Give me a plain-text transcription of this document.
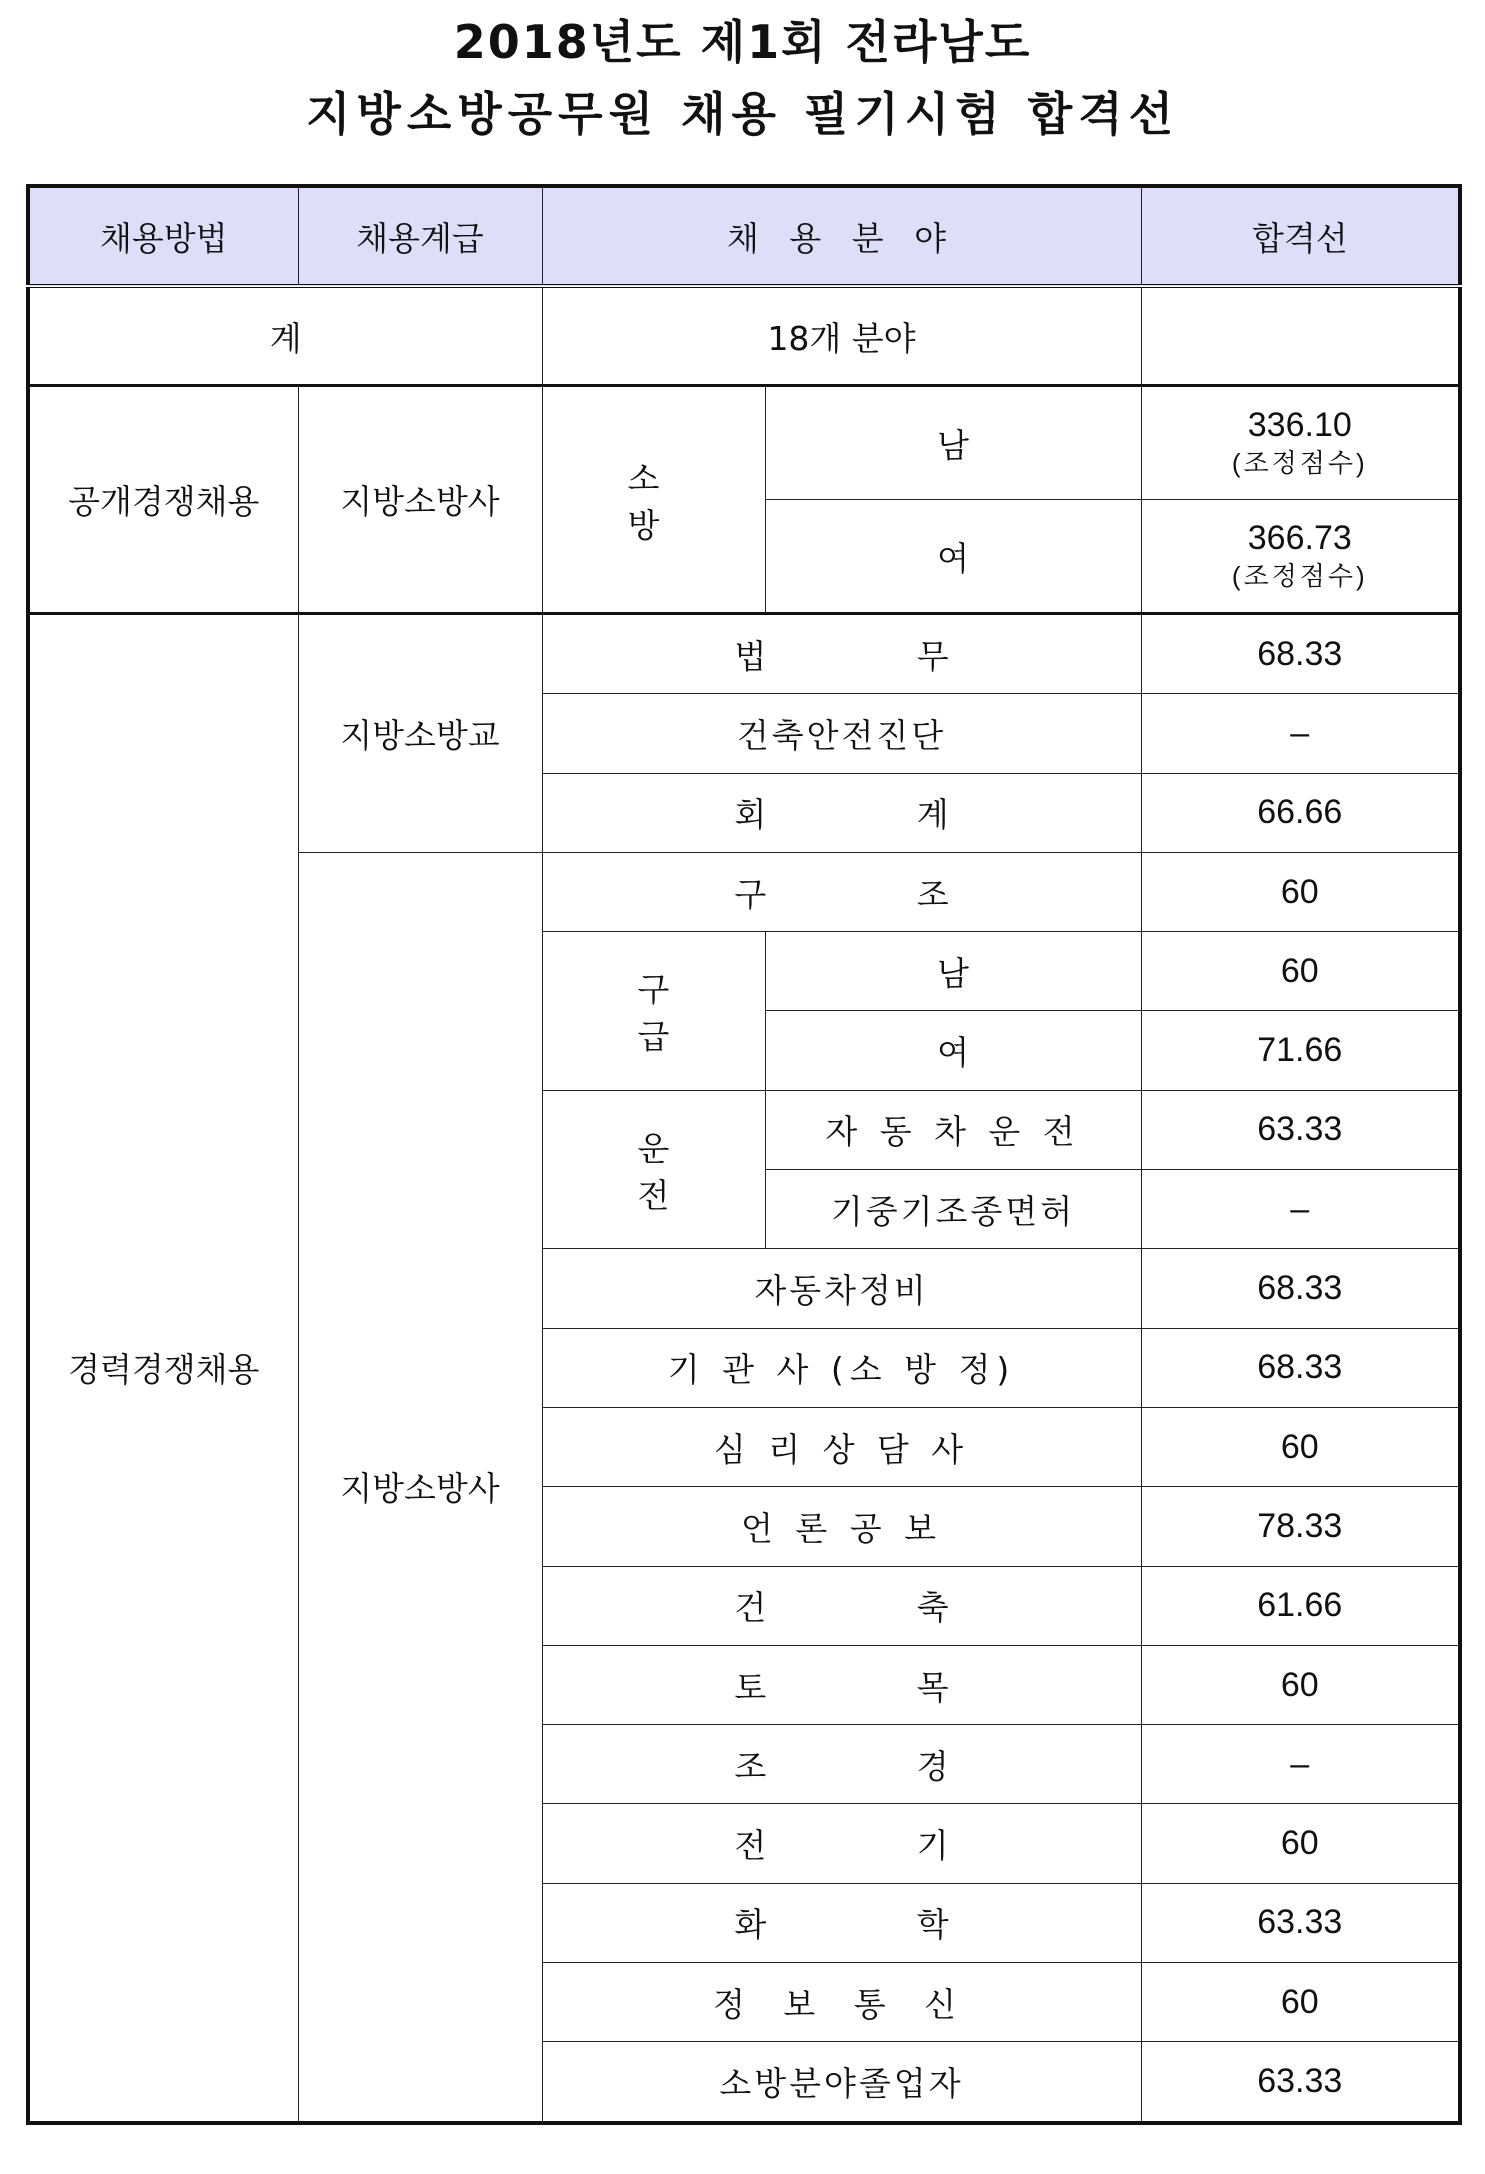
2018년도 제1회 전라남도
지방소방공무원 채용 필기시험 합격선
채용방법	채용계급	채 용 분 야		합격선
계		18개 분야		
공개경쟁채용	지방소방사	소 방	남	336.10
(조정점수)

			여	366.73
(조정점수)

경력경쟁채용	지방소방교	법 무		68.33
		건축안전진단		–
		회 계		66.66
	지방소방사	구 조		60
		구 급	남	60
			여	71.66
		운 전	자 동 차 운 전	63.33
			기중기조종면허	–
		자동차정비		68.33
		기 관 사 (소 방 정)		68.33
		심 리 상 담 사		60
		언 론 공 보		78.33
		건 축		61.66
		토 목		60
		조 경		–
		전 기		60
		화 학		63.33
		정 보 통 신		60
		소방분야졸업자		63.33
